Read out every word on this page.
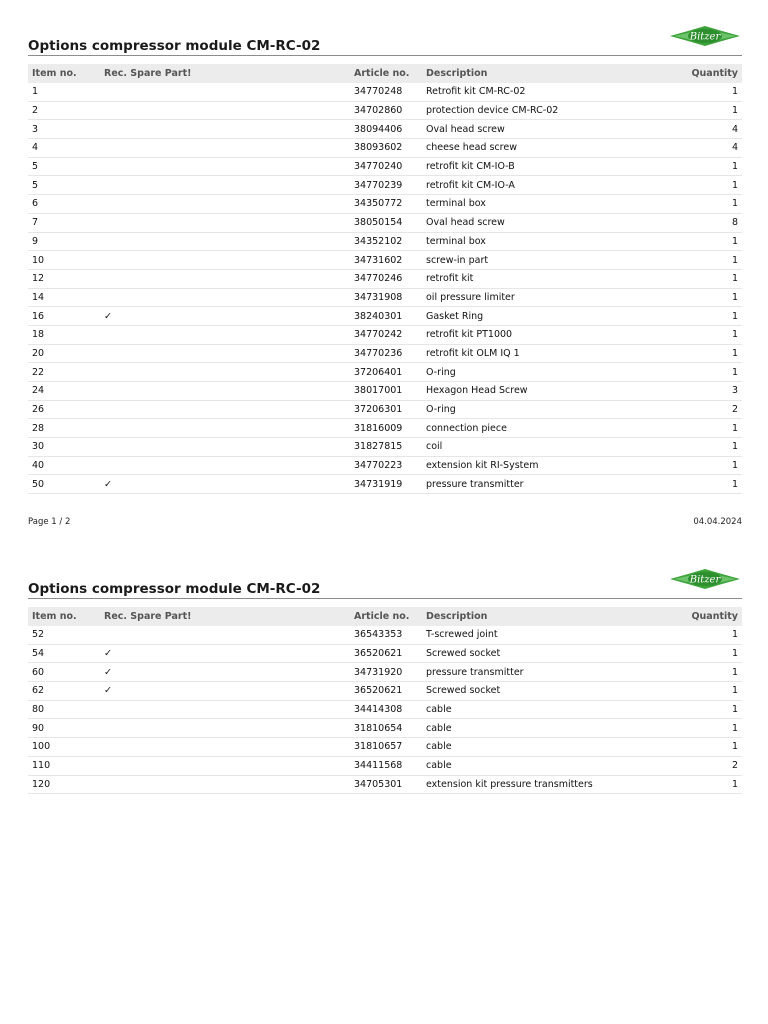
Options compressor module CM-RC-02
Bitzer
Item no.	Rec. Spare Part!	Article no.	Description	Quantity
1		34770248	Retrofit kit CM-RC-02	1
2		34702860	protection device CM-RC-02	1
3		38094406	Oval head screw	4
4		38093602	cheese head screw	4
5		34770240	retrofit kit CM-IO-B	1
5		34770239	retrofit kit CM-IO-A	1
6		34350772	terminal box	1
7		38050154	Oval head screw	8
9		34352102	terminal box	1
10		34731602	screw-in part	1
12		34770246	retrofit kit	1
14		34731908	oil pressure limiter	1
16	✓	38240301	Gasket Ring	1
18		34770242	retrofit kit PT1000	1
20		34770236	retrofit kit OLM IQ 1	1
22		37206401	O-ring	1
24		38017001	Hexagon Head Screw	3
26		37206301	O-ring	2
28		31816009	connection piece	1
30		31827815	coil	1
40		34770223	extension kit RI-System	1
50	✓	34731919	pressure transmitter	1
Page 1 / 2	04.04.2024
Options compressor module CM-RC-02
Bitzer
Item no.	Rec. Spare Part!	Article no.	Description	Quantity
52		36543353	T-screwed joint	1
54	✓	36520621	Screwed socket	1
60	✓	34731920	pressure transmitter	1
62	✓	36520621	Screwed socket	1
80		34414308	cable	1
90		31810654	cable	1
100		31810657	cable	1
110		34411568	cable	2
120		34705301	extension kit pressure transmitters	1
